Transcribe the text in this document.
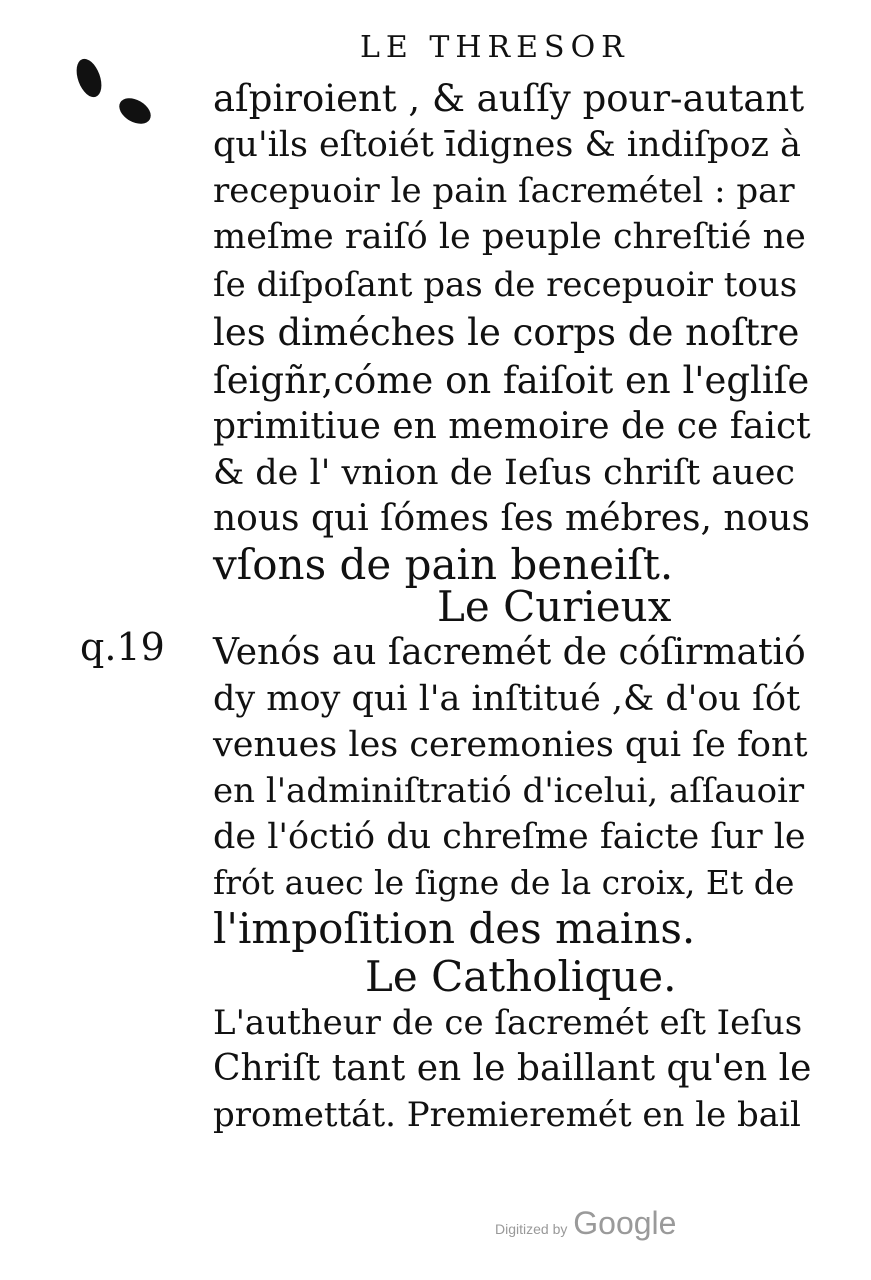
LE THRESOR
aſpiroient , & auſſy pour-autant
qu'ils eſtoiét īdignes & indiſpoz à
recepuoir le pain ſacremétel : par
meſme raiſó le peuple chreſtié ne
ſe diſpoſant pas de recepuoir tous
les diméches le corps de noſtre
ſeigñr,cóme on faiſoit en l'egliſe
primitiue en memoire de ce faict
& de l' vnion de Ieſus chriſt auec
nous qui ſómes ſes mébres, nous
vſons de pain beneiſt.
Le Curieux
q.19 Venós au ſacremét de cóſirmatió
dy moy qui l'a inſtitué ,& d'ou ſót
venues les ceremonies qui ſe font
en l'adminiſtratió d'icelui, aſſauoir
de l'óctió du chreſme faicte ſur le
frót auec le ſigne de la croix, Et de
l'impoſition des mains.
Le Catholique.
L'autheur de ce ſacremét eſt Ieſus
Chriſt tant en le baillant qu'en le
promettát. Premieremét en le bail
Digitized by Google
